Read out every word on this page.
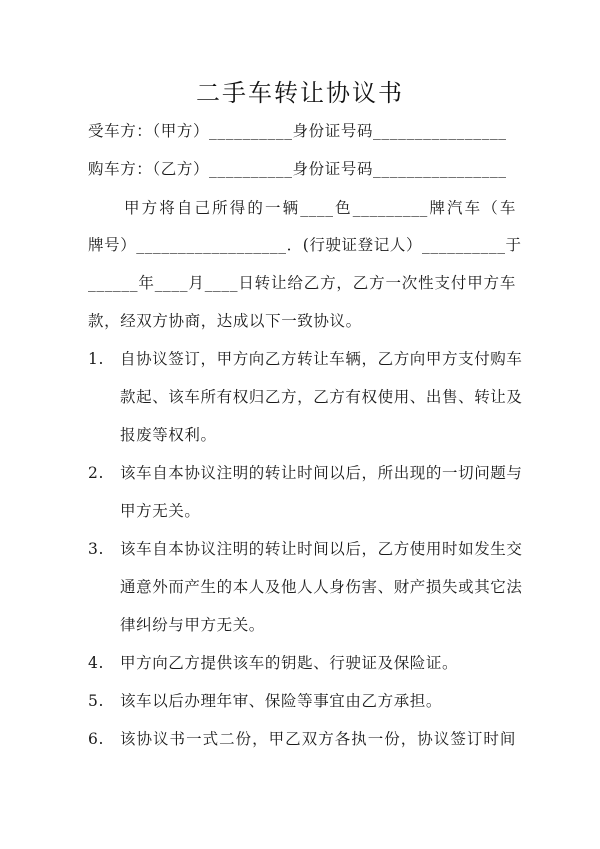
二手车转让协议书
受车方：（甲方）__________身份证号码________________
购车方：（乙方）__________身份证号码________________
甲方将自己所得的一辆____色_________牌汽车（车
牌号）__________________．(行驶证登记人）__________于
______年____月____日转让给乙方，乙方一次性支付甲方车
款，经双方协商，达成以下一致协议。
1. 自协议签订，甲方向乙方转让车辆，乙方向甲方支付购车
款起、该车所有权归乙方，乙方有权使用、出售、转让及
报废等权利。
2. 该车自本协议注明的转让时间以后，所出现的一切问题与
甲方无关。
3. 该车自本协议注明的转让时间以后，乙方使用时如发生交
通意外而产生的本人及他人人身伤害、财产损失或其它法
律纠纷与甲方无关。
4. 甲方向乙方提供该车的钥匙、行驶证及保险证。
5. 该车以后办理年审、保险等事宜由乙方承担。
6. 该协议书一式二份，甲乙双方各执一份，协议签订时间
